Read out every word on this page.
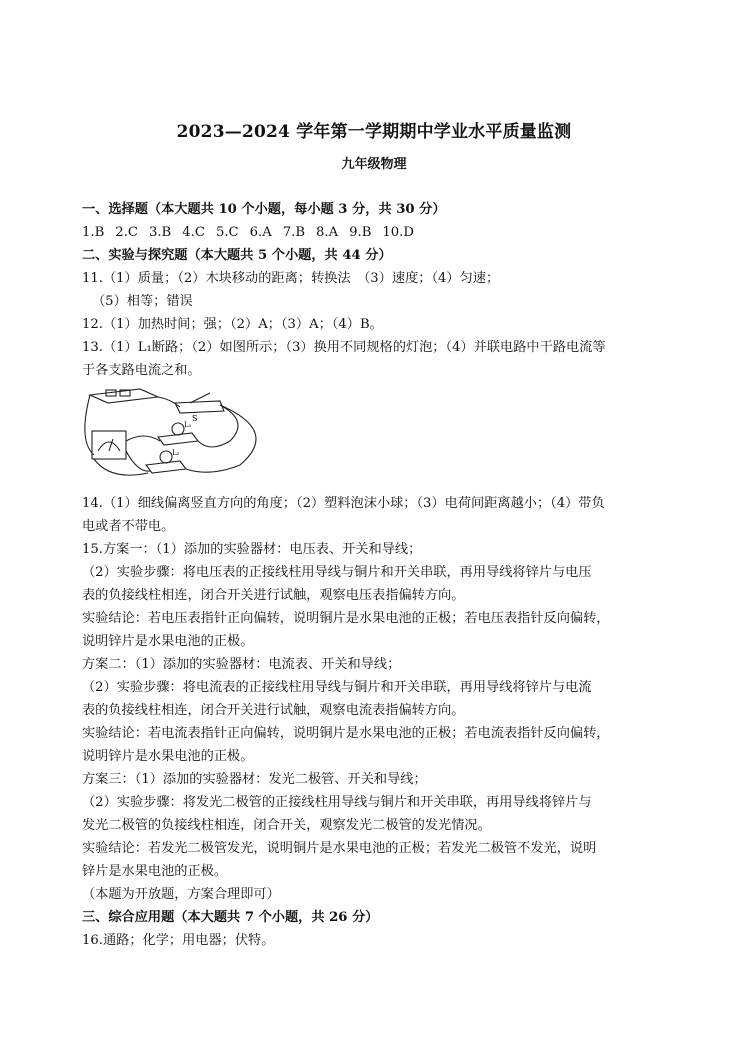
2023—2024 学年第一学期期中学业水平质量监测
九年级物理
一、选择题（本大题共 10 个小题，每小题 3 分，共 30 分）
1.B 2.C 3.B 4.C 5.C 6.A 7.B 8.A 9.B 10.D
二、实验与探究题（本大题共 5 个小题，共 44 分）
11.（1）质量；（2）木块移动的距离；转换法　（3）速度；（4）匀速；
（5）相等；错误
12.（1）加热时间；强；（2）A；（3）A；（4）B。
13.（1）L₁断路；（2）如图所示；（3）换用不同规格的灯泡；（4）并联电路中干路电流等
于各支路电流之和。
S
L₁
L₂
14.（1）细线偏离竖直方向的角度；（2）塑料泡沫小球；（3）电荷间距离越小；（4）带负
电或者不带电。
15.方案一：（1）添加的实验器材：电压表、开关和导线；
（2）实验步骤：将电压表的正接线柱用导线与铜片和开关串联，再用导线将锌片与电压
表的负接线柱相连，闭合开关进行试触，观察电压表指偏转方向。
实验结论：若电压表指针正向偏转，说明铜片是水果电池的正极；若电压表指针反向偏转，
说明锌片是水果电池的正极。
方案二：（1）添加的实验器材：电流表、开关和导线；
（2）实验步骤：将电流表的正接线柱用导线与铜片和开关串联，再用导线将锌片与电流
表的负接线柱相连，闭合开关进行试触，观察电流表指偏转方向。
实验结论：若电流表指针正向偏转，说明铜片是水果电池的正极；若电流表指针反向偏转，
说明锌片是水果电池的正极。
方案三：（1）添加的实验器材：发光二极管、开关和导线；
（2）实验步骤：将发光二极管的正接线柱用导线与铜片和开关串联，再用导线将锌片与
发光二极管的负接线柱相连，闭合开关，观察发光二极管的发光情况。
实验结论：若发光二极管发光，说明铜片是水果电池的正极；若发光二极管不发光，说明
锌片是水果电池的正极。
（本题为开放题，方案合理即可）
三、综合应用题（本大题共 7 个小题，共 26 分）
16.通路；化学；用电器；伏特。
